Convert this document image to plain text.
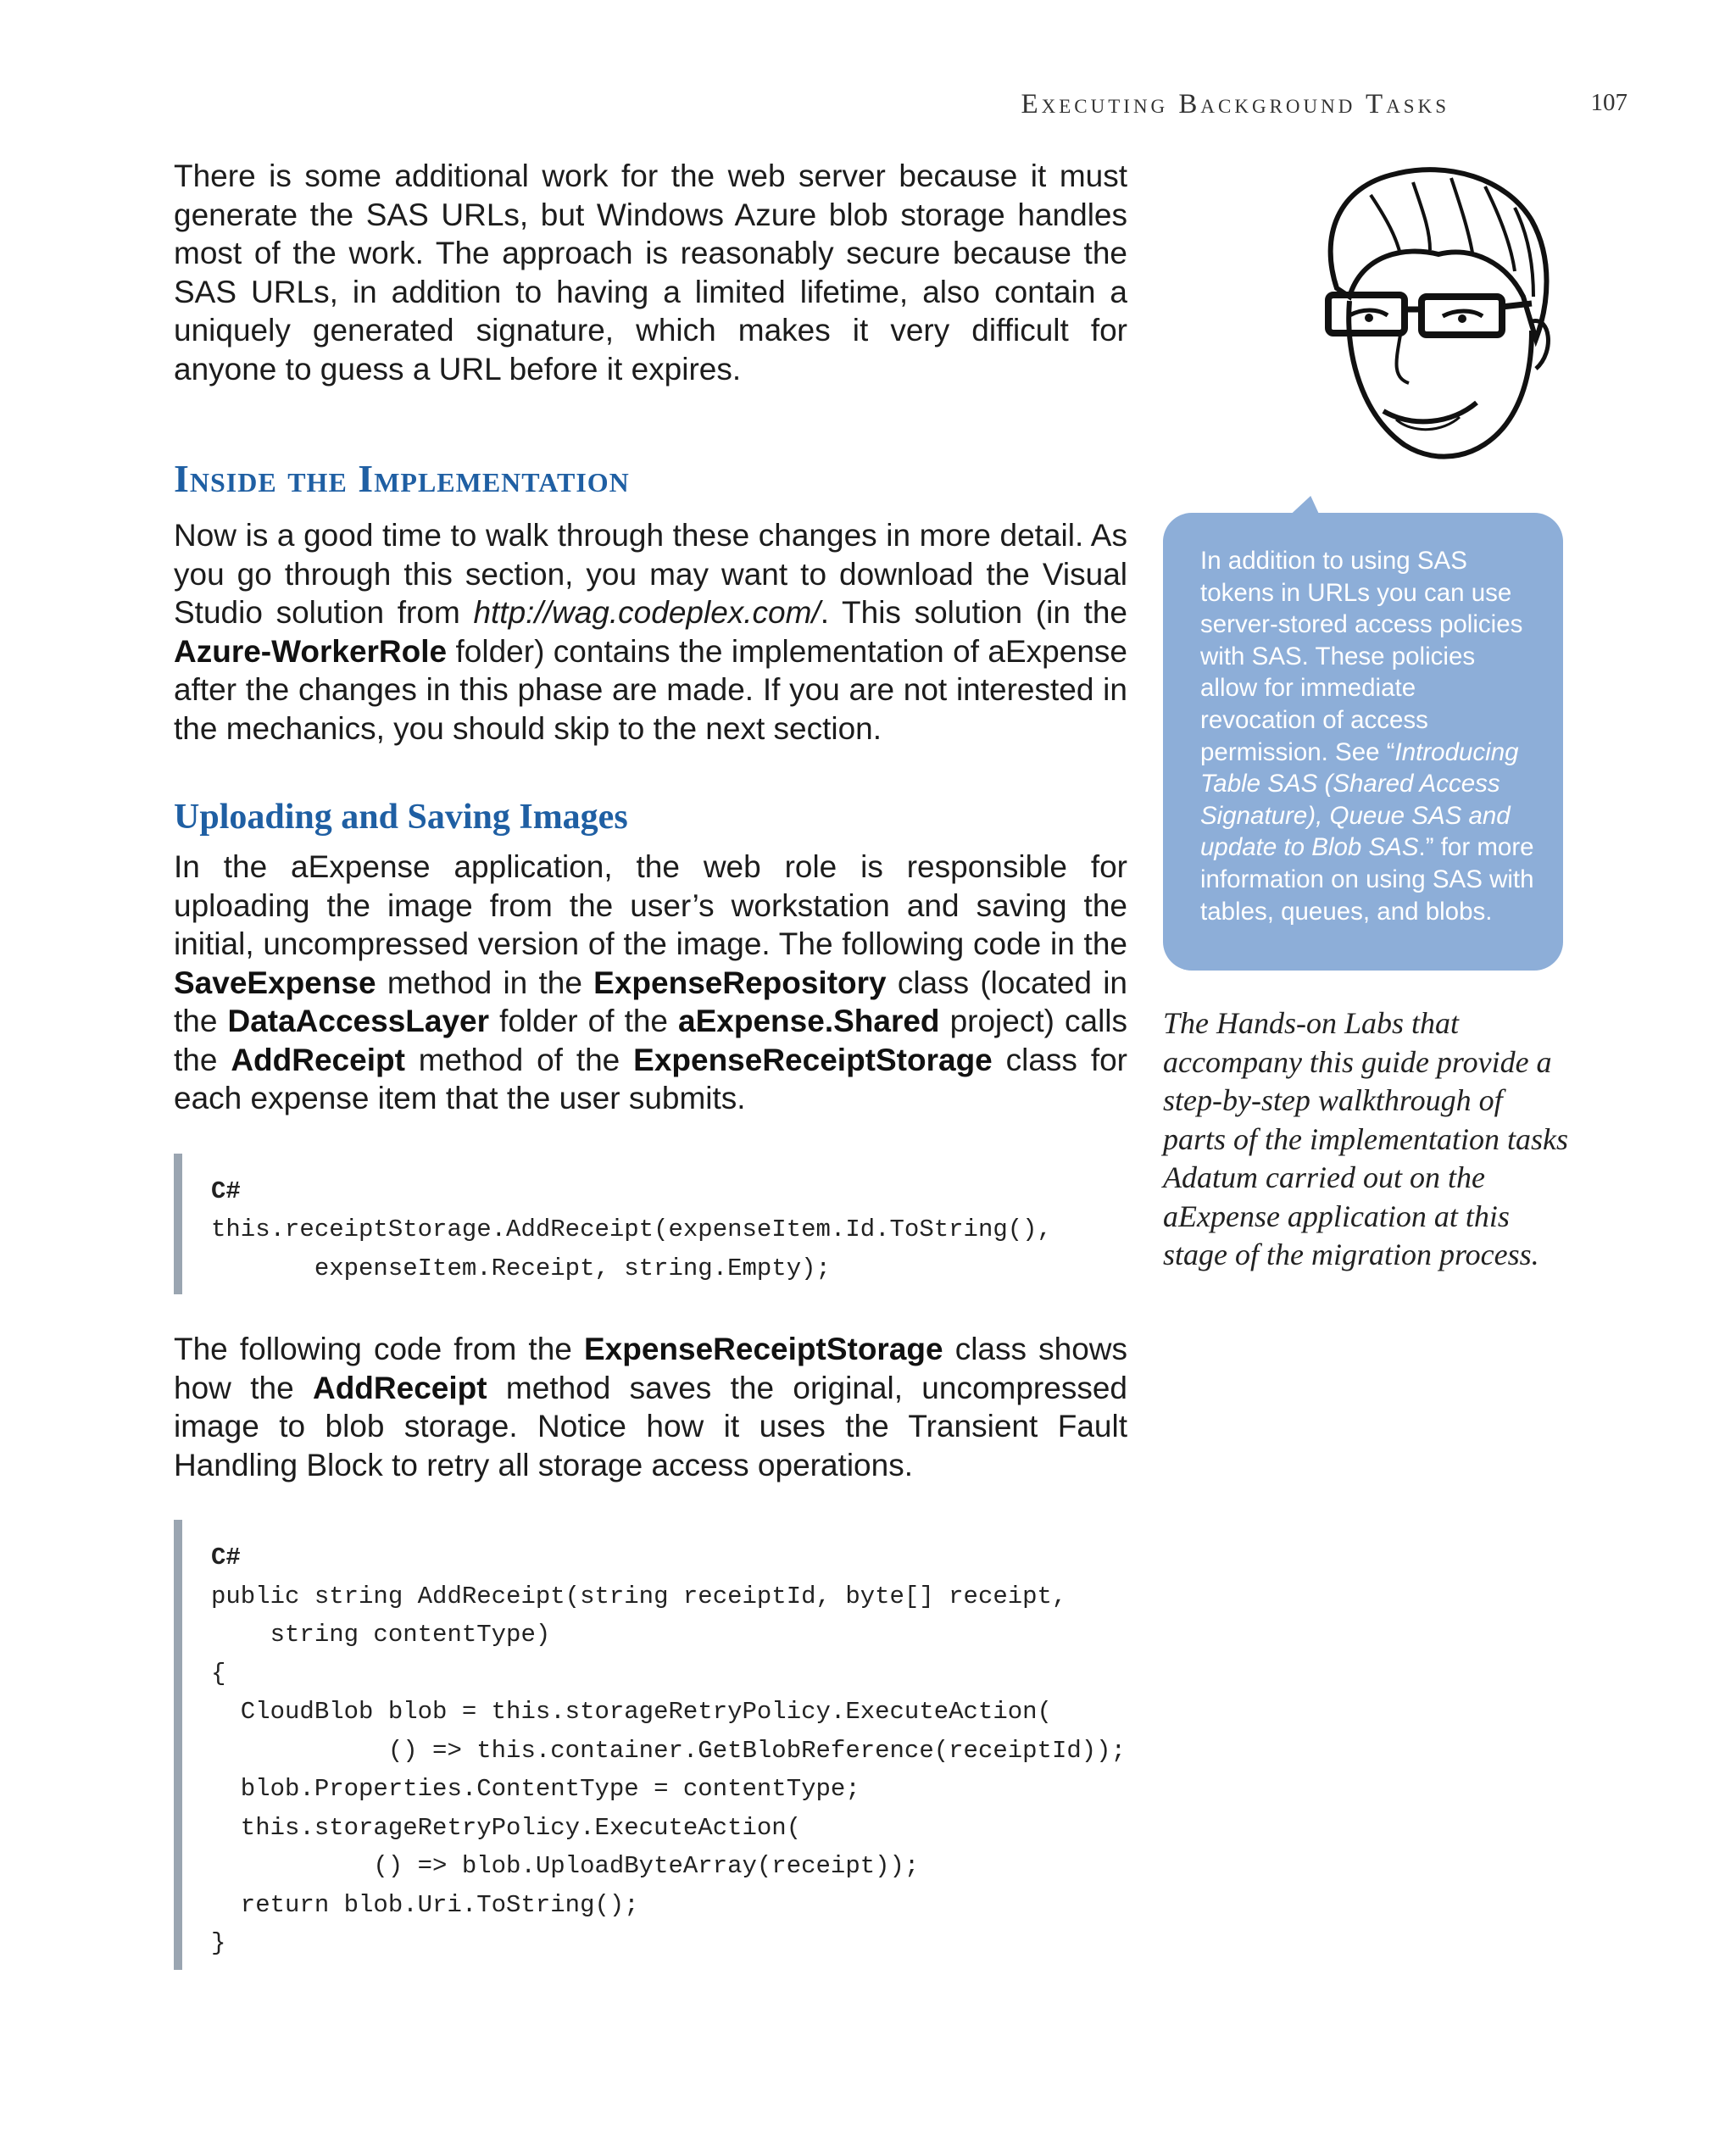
Executing Background Tasks	107

There is some additional work for the web server because it must generate the SAS URLs, but Windows Azure blob storage handles most of the work. The approach is reasonably secure because the SAS URLs, in addition to having a limited lifetime, also contain a uniquely generated signature, which makes it very difficult for anyone to guess a URL before it expires.

Inside the Implementation

Now is a good time to walk through these changes in more detail. As you go through this section, you may want to download the Visual Studio solution from http://wag.codeplex.com/. This solution (in the Azure-WorkerRole folder) contains the implementation of aExpense after the changes in this phase are made. If you are not interested in the mechanics, you should skip to the next section.

Uploading and Saving Images

In the aExpense application, the web role is responsible for uploading the image from the user’s workstation and saving the initial, uncompressed version of the image. The following code in the SaveExpense method in the ExpenseRepository class (located in the DataAccessLayer folder of the aExpense.Shared project) calls the AddReceipt method of the ExpenseReceiptStorage class for each expense item that the user submits.

C#
this.receiptStorage.AddReceipt(expenseItem.Id.ToString(),
expenseItem.Receipt, string.Empty);

The following code from the ExpenseReceiptStorage class shows how the AddReceipt method saves the original, uncompressed image to blob storage. Notice how it uses the Transient Fault Handling Block to retry all storage access operations.

C#
public string AddReceipt(string receiptId, byte[] receipt,
string contentType)
{
CloudBlob blob = this.storageRetryPolicy.ExecuteAction(
() => this.container.GetBlobReference(receiptId));
blob.Properties.ContentType = contentType;
this.storageRetryPolicy.ExecuteAction(
() => blob.UploadByteArray(receipt));
return blob.Uri.ToString();
}
In addition to using SAS tokens in URLs you can use server-stored access policies with SAS. These policies allow for immediate revocation of access permission. See “Introducing Table SAS (Shared Access Signature), Queue SAS and update to Blob SAS.” for more information on using SAS with tables, queues, and blobs.
The Hands-on Labs that accompany this guide provide a step-by-step walkthrough of parts of the implementation tasks Adatum carried out on the aExpense application at this stage of the migration process.
